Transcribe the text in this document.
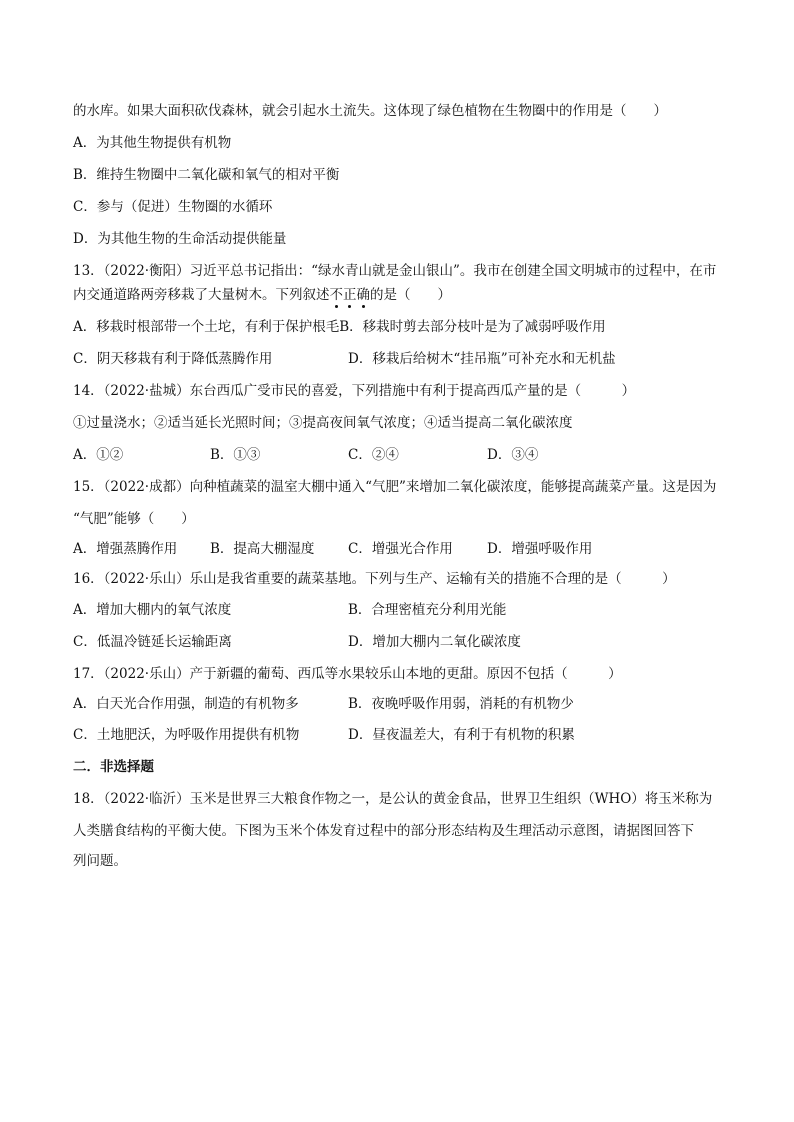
的水库。如果大面积砍伐森林，就会引起水土流失。这体现了绿色植物在生物圈中的作用是（　　）
A．为其他生物提供有机物
B．维持生物圈中二氧化碳和氧气的相对平衡
C．参与（促进）生物圈的水循环
D．为其他生物的生命活动提供能量
13．（2022·衡阳）习近平总书记指出：“绿水青山就是金山银山”。我市在创建全国文明城市的过程中，在市
内交通道路两旁移栽了大量树木。下列叙述不正确的是（　　）
A．移栽时根部带一个土坨，有利于保护根毛B．移栽时剪去部分枝叶是为了减弱呼吸作用
C．阴天移栽有利于降低蒸腾作用	D．移栽后给树木“挂吊瓶”可补充水和无机盐
14．（2022·盐城）东台西瓜广受市民的喜爱，下列措施中有利于提高西瓜产量的是（　　　）
①过量浇水；②适当延长光照时间；③提高夜间氧气浓度；④适当提高二氧化碳浓度
A．①②	B．①③	C．②④	D．③④
15．（2022·成都）向种植蔬菜的温室大棚中通入“气肥”来增加二氧化碳浓度，能够提高蔬菜产量。这是因为
“气肥”能够（　　）
A．增强蒸腾作用 B．提高大棚湿度 C．增强光合作用	D．增强呼吸作用
16．（2022·乐山）乐山是我省重要的蔬菜基地。下列与生产、运输有关的措施不合理的是（　　　）
A．增加大棚内的氧气浓度	B．合理密植充分利用光能
C．低温冷链延长运输距离	D．增加大棚内二氧化碳浓度
17．（2022·乐山）产于新疆的葡萄、西瓜等水果较乐山本地的更甜。原因不包括（　　　）
A．白天光合作用强，制造的有机物多	B．夜晚呼吸作用弱，消耗的有机物少
C．土地肥沃，为呼吸作用提供有机物	D．昼夜温差大，有利于有机物的积累
二．非选择题
18．（2022·临沂）玉米是世界三大粮食作物之一，是公认的黄金食品，世界卫生组织（WHO）将玉米称为
人类膳食结构的平衡大使。下图为玉米个体发育过程中的部分形态结构及生理活动示意图，请据图回答下
列问题。
